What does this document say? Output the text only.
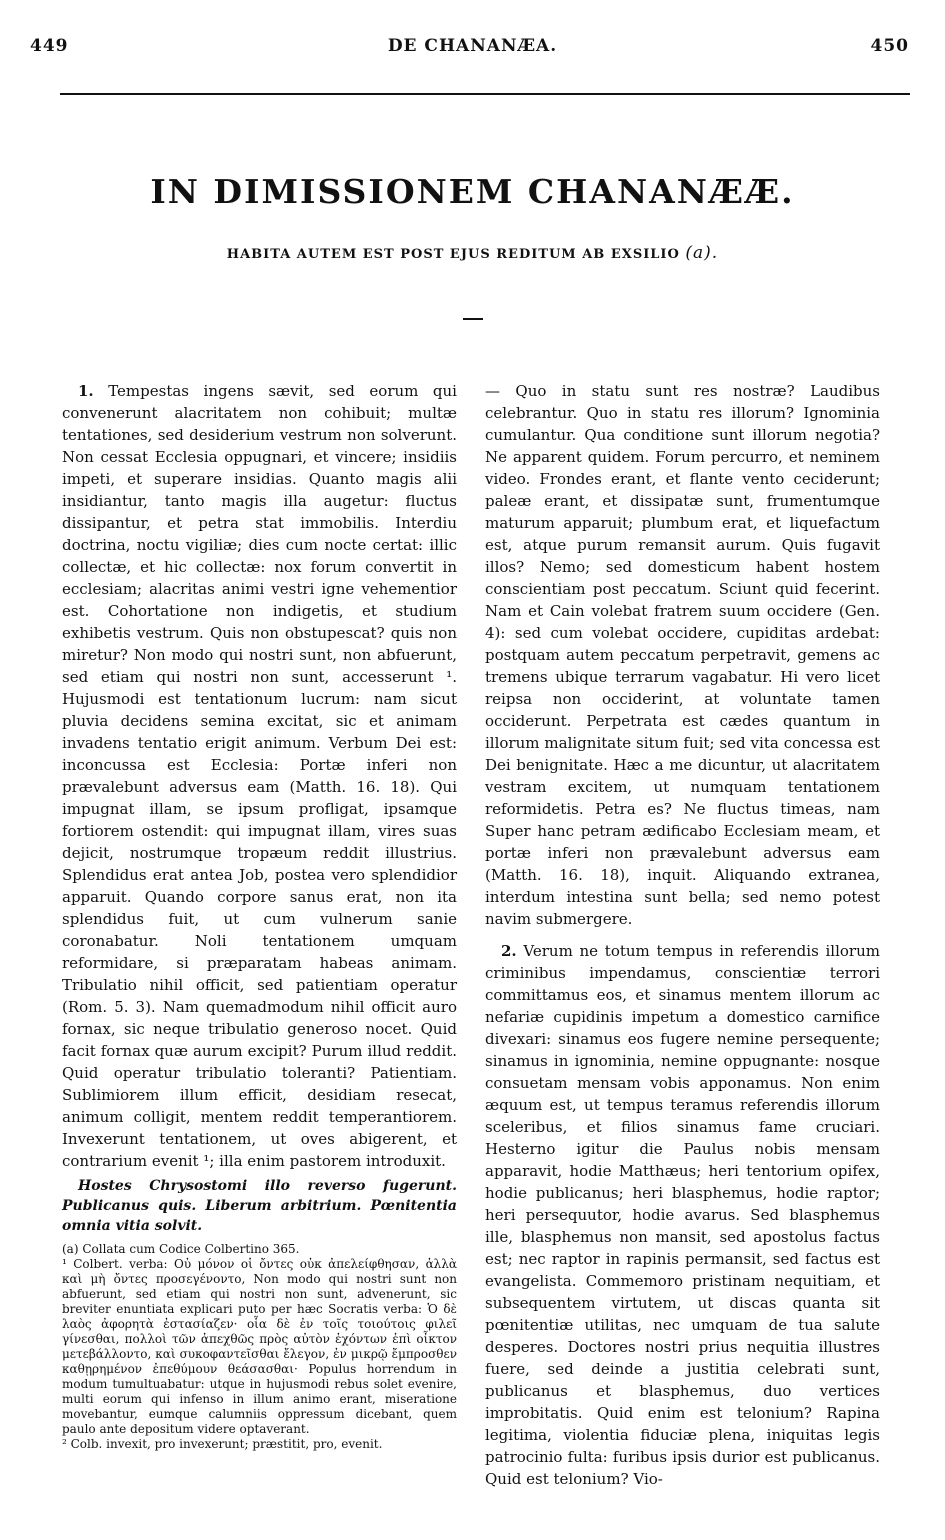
449	DE CHANANÆA.	450
IN DIMISSIONEM CHANANÆÆ.
HABITA AUTEM EST POST EJUS REDITUM AB EXSILIO (a).

1. Tempestas ingens sævit, sed eorum qui convenerunt alacritatem non cohibuit; multæ tentationes, sed desiderium vestrum non solverunt. Non cessat Ecclesia oppugnari, et vincere; insidiis impeti, et superare insidias. Quanto magis alii insidiantur, tanto magis illa augetur: fluctus dissipantur, et petra stat immobilis. Interdiu doctrina, noctu vigiliæ; dies cum nocte certat: illic collectæ, et hic collectæ: nox forum convertit in ecclesiam; alacritas animi vestri igne vehementior est. Cohortatione non indigetis, et studium exhibetis vestrum. Quis non obstupescat? quis non miretur? Non modo qui nostri sunt, non abfuerunt, sed etiam qui nostri non sunt, accesserunt ¹. Hujusmodi est tentationum lucrum: nam sicut pluvia decidens semina excitat, sic et animam invadens tentatio erigit animum. Verbum Dei est: inconcussa est Ecclesia: Portæ inferi non prævalebunt adversus eam (Matth. 16. 18). Qui impugnat illam, se ipsum profligat, ipsamque fortiorem ostendit: qui impugnat illam, vires suas dejicit, nostrumque tropæum reddit illustrius. Splendidus erat antea Job, postea vero splendidior apparuit. Quando corpore sanus erat, non ita splendidus fuit, ut cum vulnerum sanie coronabatur. Noli tentationem umquam reformidare, si præparatam habeas animam. Tribulatio nihil officit, sed patientiam operatur (Rom. 5. 3). Nam quemadmodum nihil officit auro fornax, sic neque tribulatio generoso nocet. Quid facit fornax quæ aurum excipit? Purum illud reddit. Quid operatur tribulatio toleranti? Patientiam. Sublimiorem illum efficit, desidiam resecat, animum colligit, mentem reddit temperantiorem. Invexerunt tentationem, ut oves abigerent, et contrarium evenit ¹; illa enim pastorem introduxit.

Hostes Chrysostomi illo reverso fugerunt. Publicanus quis. Liberum arbitrium. Pœnitentia omnia vitia solvit.

(a) Collata cum Codice Colbertino 365.
¹ Colbert. verba: Οὐ μόνον οἱ ὄντες οὐκ ἀπελείφθησαν, ἀλλὰ καὶ μὴ ὄντες προσεγένοντο, Non modo qui nostri sunt non abfuerunt, sed etiam qui nostri non sunt, advenerunt, sic breviter enuntiata explicari puto per hæc Socratis verba: Ὁ δὲ λαὸς ἀφορητὰ ἐστασίαζεν· οἷα δὲ ἐν τοῖς τοιούτοις φιλεῖ γίνεσθαι, πολλοὶ τῶν ἀπεχθῶς πρὸς αὐτὸν ἐχόντων ἐπὶ οἶκτον μετεβάλλοντο, καὶ συκοφαντεῖσθαι ἔλεγον, ἐν μικρῷ ἔμπροσθεν καθῃρημένον ἐπεθύμουν θεάσασθαι· Populus horrendum in modum tumultuabatur: utque in hujusmodi rebus solet evenire, multi eorum qui infenso in illum animo erant, miseratione movebantur, eumque calumniis oppressum dicebant, quem paulo ante depositum videre optaverant.
² Colb. invexit, pro invexerunt; præstitit, pro, evenit.

— Quo in statu sunt res nostræ? Laudibus celebrantur. Quo in statu res illorum? Ignominia cumulantur. Qua conditione sunt illorum negotia? Ne apparent quidem. Forum percurro, et neminem video. Frondes erant, et flante vento ceciderunt; paleæ erant, et dissipatæ sunt, frumentumque maturum apparuit; plumbum erat, et liquefactum est, atque purum remansit aurum. Quis fugavit illos? Nemo; sed domesticum habent hostem conscientiam post peccatum. Sciunt quid fecerint. Nam et Cain volebat fratrem suum occidere (Gen. 4): sed cum volebat occidere, cupiditas ardebat: postquam autem peccatum perpetravit, gemens ac tremens ubique terrarum vagabatur. Hi vero licet reipsa non occiderint, at voluntate tamen occiderunt. Perpetrata est cædes quantum in illorum malignitate situm fuit; sed vita concessa est Dei benignitate. Hæc a me dicuntur, ut alacritatem vestram excitem, ut numquam tentationem reformidetis. Petra es? Ne fluctus timeas, nam Super hanc petram ædificabo Ecclesiam meam, et portæ inferi non prævalebunt adversus eam (Matth. 16. 18), inquit. Aliquando extranea, interdum intestina sunt bella; sed nemo potest navim submergere.

2. Verum ne totum tempus in referendis illorum criminibus impendamus, conscientiæ terrori committamus eos, et sinamus mentem illorum ac nefariæ cupidinis impetum a domestico carnifice divexari: sinamus eos fugere nemine persequente; sinamus in ignominia, nemine oppugnante: nosque consuetam mensam vobis apponamus. Non enim æquum est, ut tempus teramus referendis illorum sceleribus, et filios sinamus fame cruciari. Hesterno igitur die Paulus nobis mensam apparavit, hodie Matthæus; heri tentorium opifex, hodie publicanus; heri blasphemus, hodie raptor; heri persequutor, hodie avarus. Sed blasphemus ille, blasphemus non mansit, sed apostolus factus est; nec raptor in rapinis permansit, sed factus est evangelista. Commemoro pristinam nequitiam, et subsequentem virtutem, ut discas quanta sit pœnitentiæ utilitas, nec umquam de tua salute desperes. Doctores nostri prius nequitia illustres fuere, sed deinde a justitia celebrati sunt, publicanus et blasphemus, duo vertices improbitatis. Quid enim est telonium? Rapina legitima, violentia fiduciæ plena, iniquitas legis patrocinio fulta: furibus ipsis durior est publicanus. Quid est telonium? Vio-
